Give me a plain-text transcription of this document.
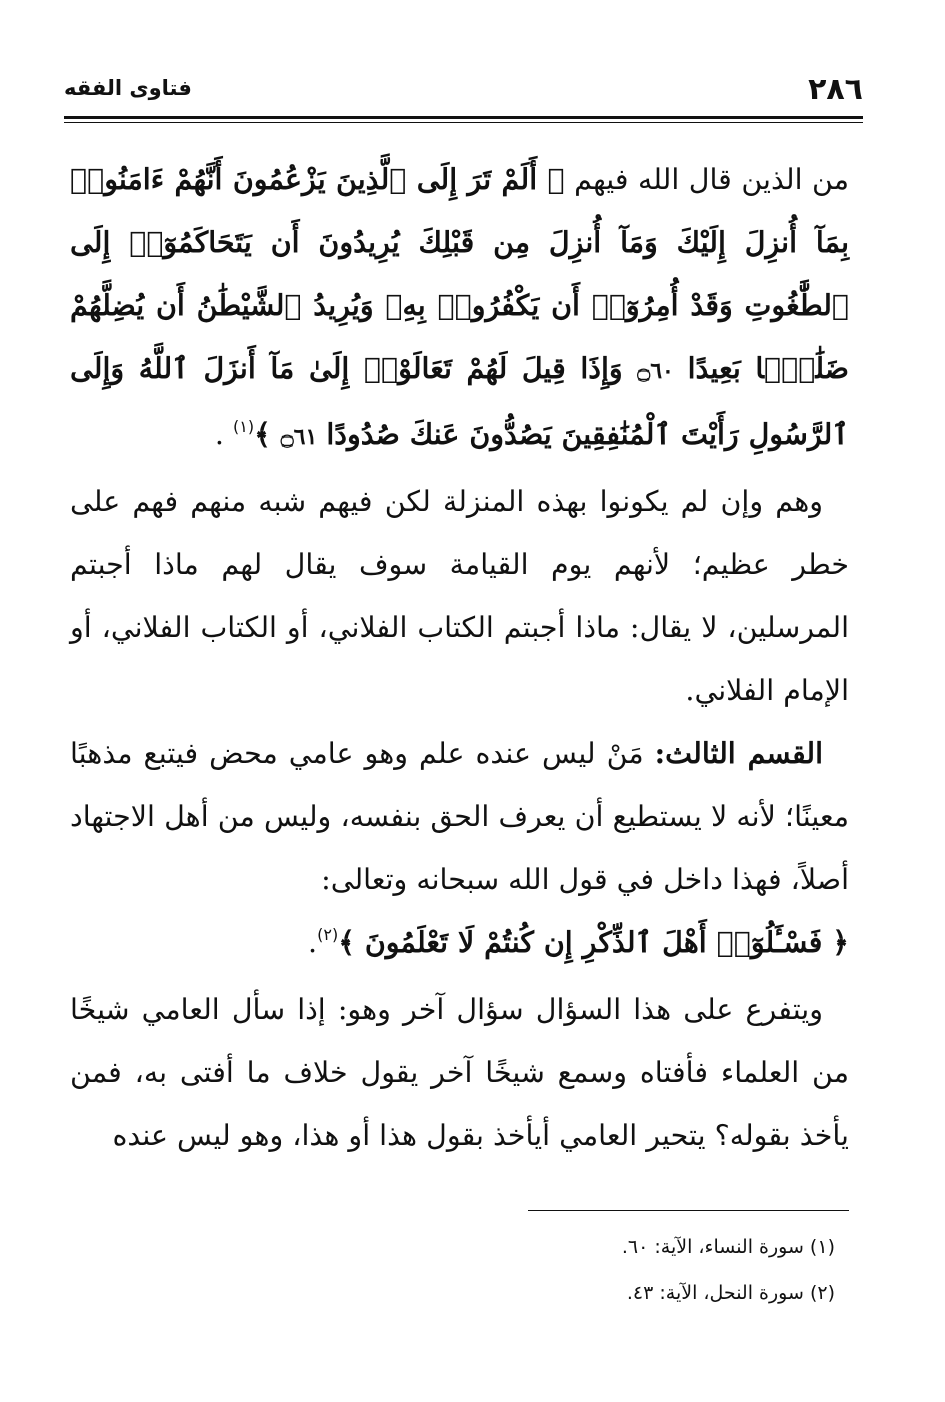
فتاوى الفقه	٢٨٦

من الذين قال الله فيهم ﴿ أَلَمْ تَرَ إِلَى ٱلَّذِينَ يَزْعُمُونَ أَنَّهُمْ ءَامَنُوا۟ بِمَآ أُنزِلَ إِلَيْكَ وَمَآ أُنزِلَ مِن قَبْلِكَ يُرِيدُونَ أَن يَتَحَاكَمُوٓا۟ إِلَى ٱلطَّٰغُوتِ وَقَدْ أُمِرُوٓا۟ أَن يَكْفُرُوا۟ بِهِۦ وَيُرِيدُ ٱلشَّيْطَٰنُ أَن يُضِلَّهُمْ ضَلَٰلًۢا بَعِيدًا ۝٦٠ وَإِذَا قِيلَ لَهُمْ تَعَالَوْا۟ إِلَىٰ مَآ أَنزَلَ ٱللَّهُ وَإِلَى ٱلرَّسُولِ رَأَيْتَ ٱلْمُنَٰفِقِينَ يَصُدُّونَ عَنكَ صُدُودًا ۝٦١ ﴾$^{(١)}$ .

وهم وإن لم يكونوا بهذه المنزلة لكن فيهم شبه منهم فهم على خطر عظيم؛ لأنهم يوم القيامة سوف يقال لهم ماذا أجبتم المرسلين، لا يقال: ماذا أجبتم الكتاب الفلاني، أو الكتاب الفلاني، أو الإمام الفلاني.

القسم الثالث: مَنْ ليس عنده علم وهو عامي محض فيتبع مذهبًا معينًا؛ لأنه لا يستطيع أن يعرف الحق بنفسه، وليس من أهل الاجتهاد أصلاً، فهذا داخل في قول الله سبحانه وتعالى:

﴿ فَسْـَٔلُوٓا۟ أَهْلَ ٱلذِّكْرِ إِن كُنتُمْ لَا تَعْلَمُونَ ﴾$^{(٢)}$.

ويتفرع على هذا السؤال سؤال آخر وهو: إذا سأل العامي شيخًا من العلماء فأفتاه وسمع شيخًا آخر يقول خلاف ما أفتى به، فمن يأخذ بقوله؟ يتحير العامي أيأخذ بقول هذا أو هذا، وهو ليس عنده

(١) سورة النساء، الآية: ٦٠.

(٢) سورة النحل، الآية: ٤٣.
